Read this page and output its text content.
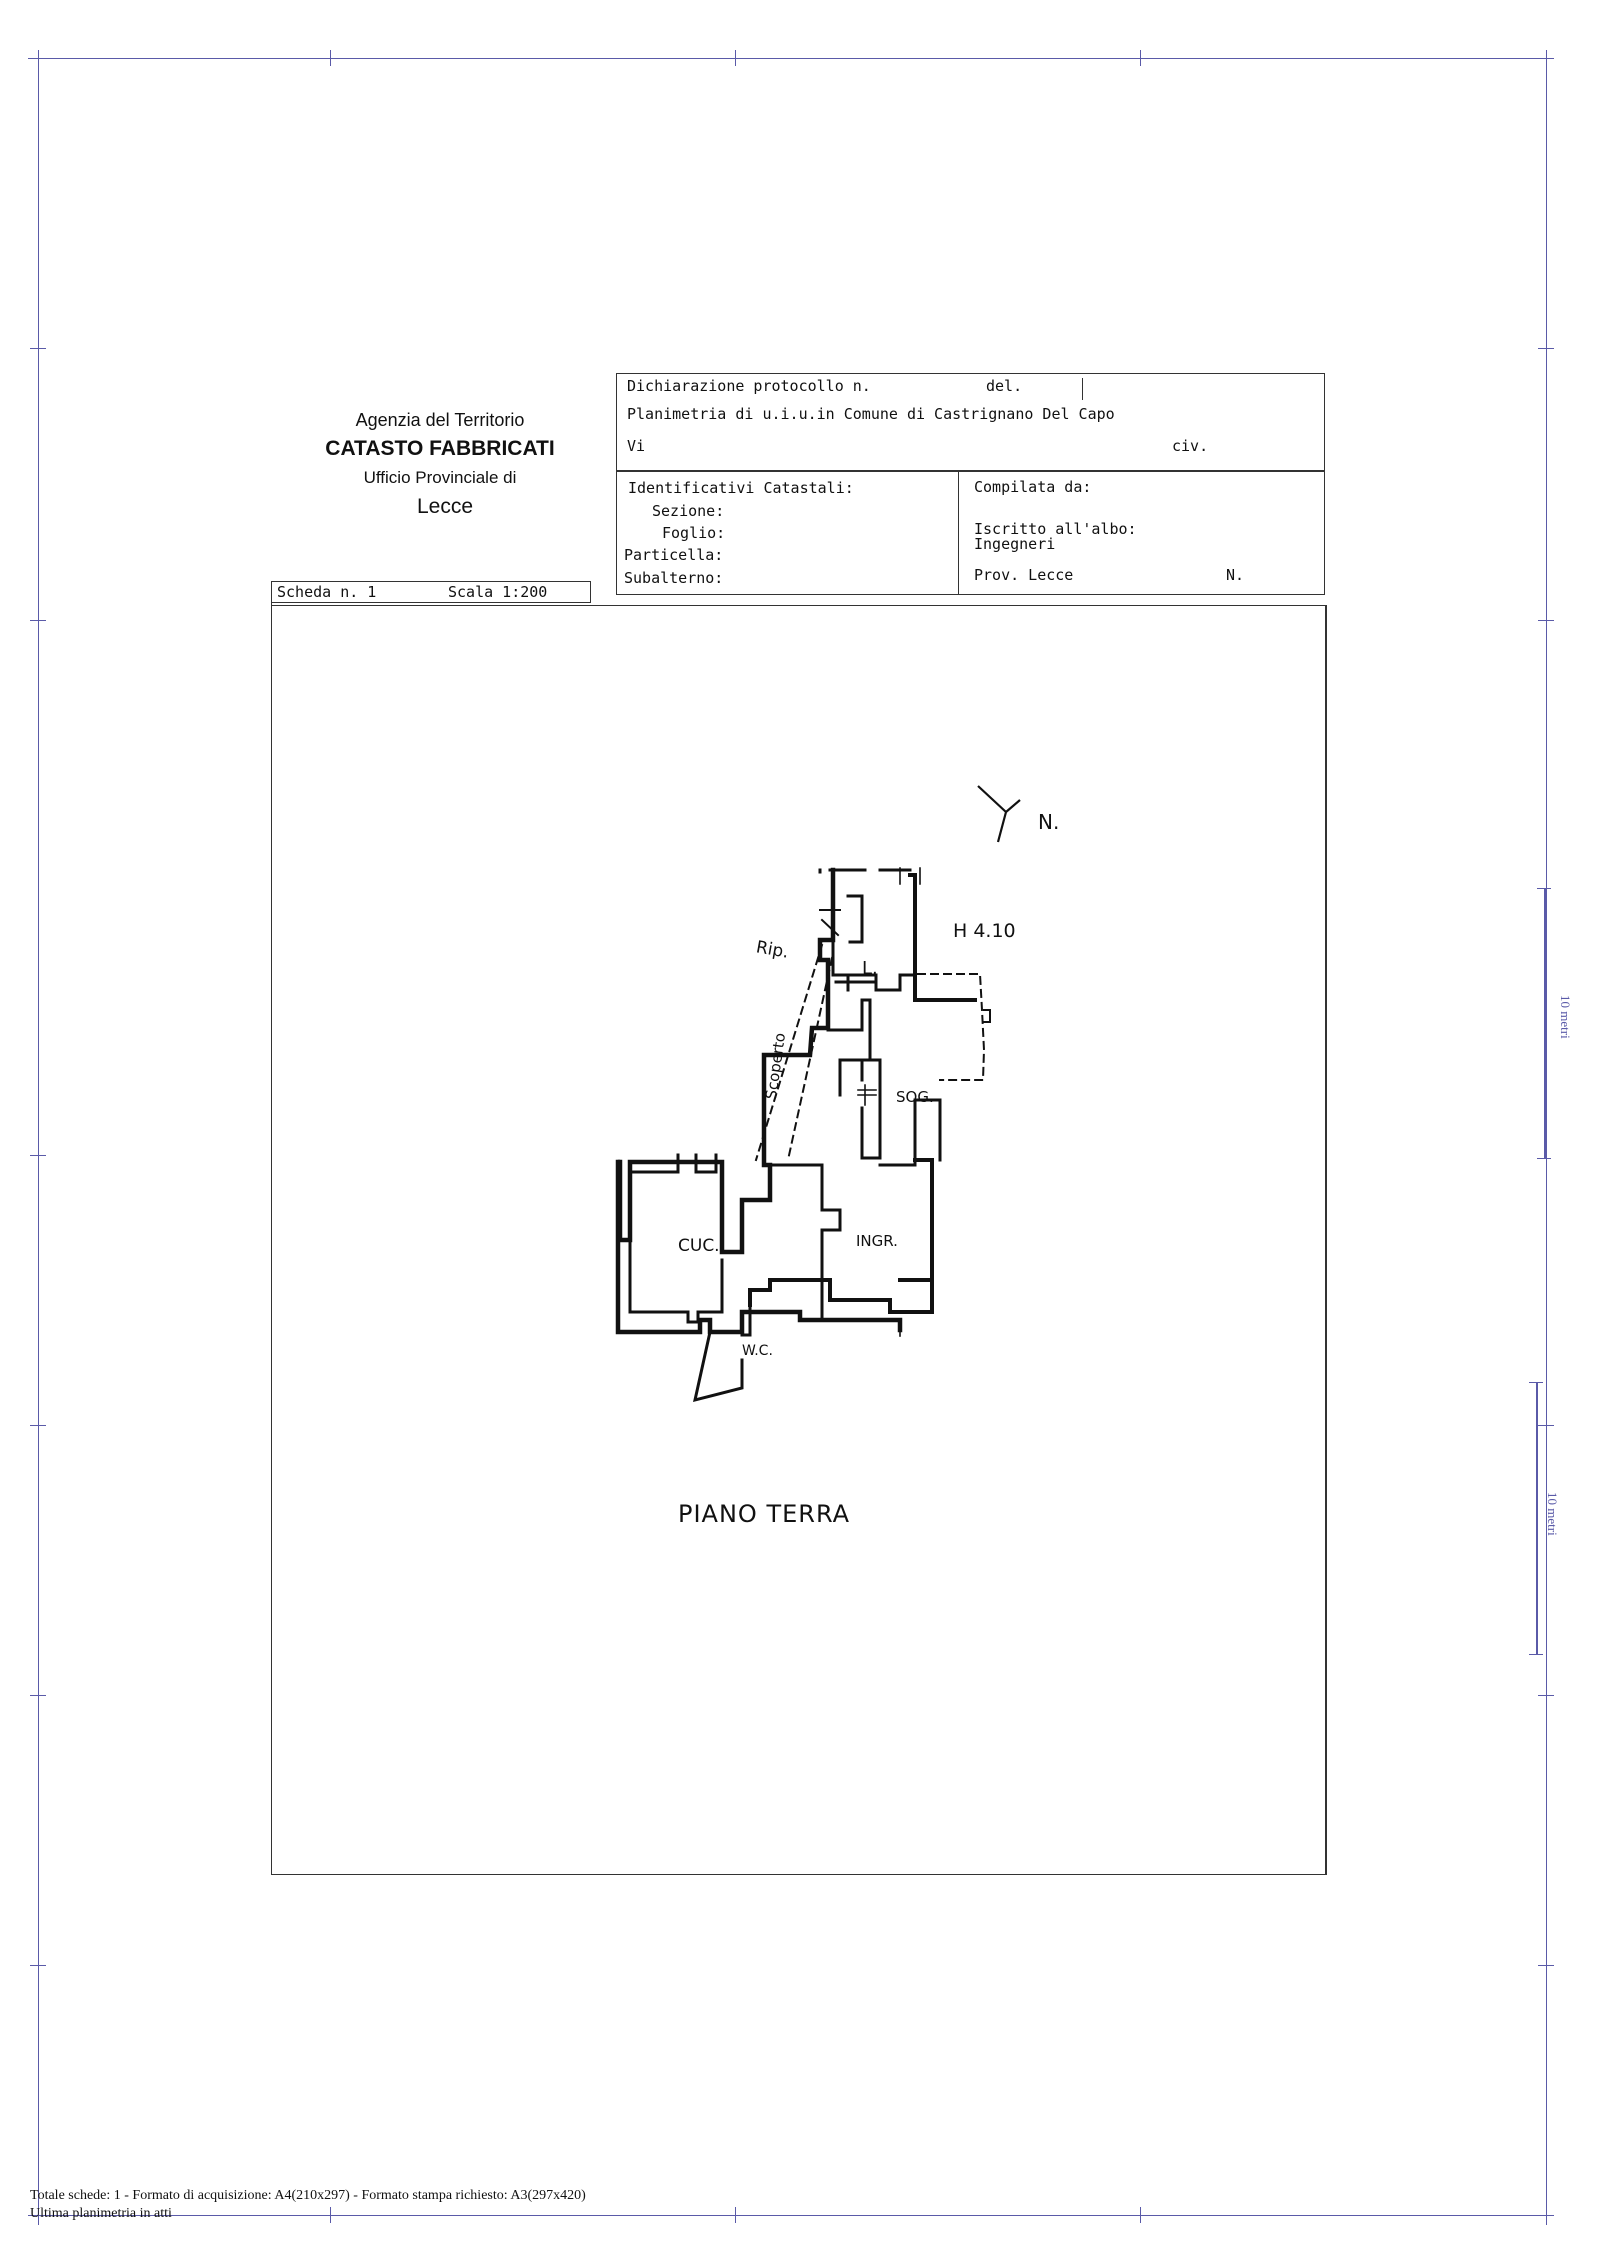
10 metri
10 metri
Agenzia del Territorio
CATASTO FABBRICATI
Ufficio Provinciale di
Lecce
Dichiarazione protocollo n.	del.
Planimetria di u.i.u.in Comune di Castrignano Del Capo
Vi	civ.
Identificativi Catastali:
Sezione:
Foglio:
Particella:
Subalterno:
Compilata da:
Iscritto all'albo:
Ingegneri
Prov. Lecce	N.
Scheda n. 1	Scala 1:200
N.
Rip.
L.
H 4.10
Scoperto	SOG.
CUC.	INGR.
W.C.
PIANO TERRA
Totale schede: 1 - Formato di acquisizione: A4(210x297) - Formato stampa richiesto: A3(297x420)
Ultima planimetria in atti
